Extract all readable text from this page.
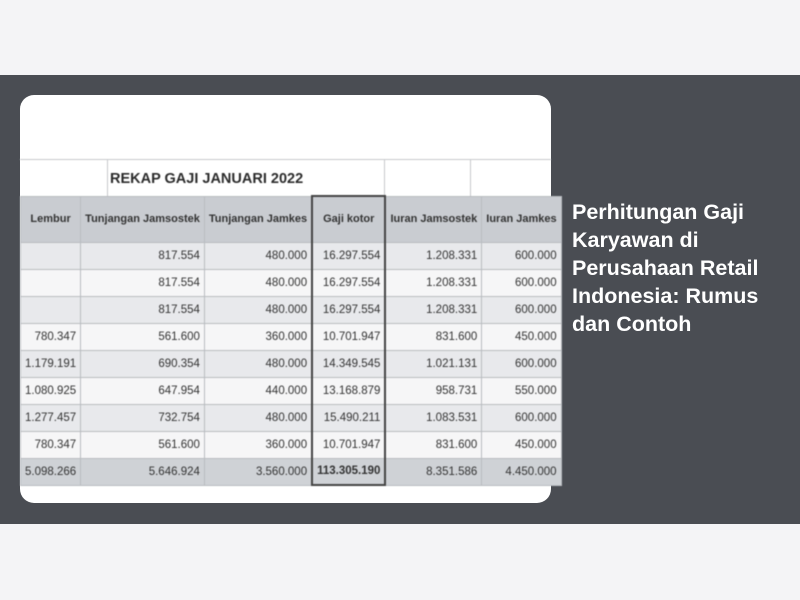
REKAP GAJI JANUARI 2022
Lembur	Tunjangan Jamsostek	Tunjangan Jamkes	Gaji kotor	Iuran Jamsostek	Iuran Jamkes
	817.554	480.000	16.297.554	1.208.331	600.000
	817.554	480.000	16.297.554	1.208.331	600.000
	817.554	480.000	16.297.554	1.208.331	600.000
780.347	561.600	360.000	10.701.947	831.600	450.000
1.179.191	690.354	480.000	14.349.545	1.021.131	600.000
1.080.925	647.954	440.000	13.168.879	958.731	550.000
1.277.457	732.754	480.000	15.490.211	1.083.531	600.000
780.347	561.600	360.000	10.701.947	831.600	450.000
5.098.266	5.646.924	3.560.000	113.305.190	8.351.586	4.450.000
Perhitungan Gaji Karyawan di Perusahaan Retail Indonesia: Rumus dan Contoh
